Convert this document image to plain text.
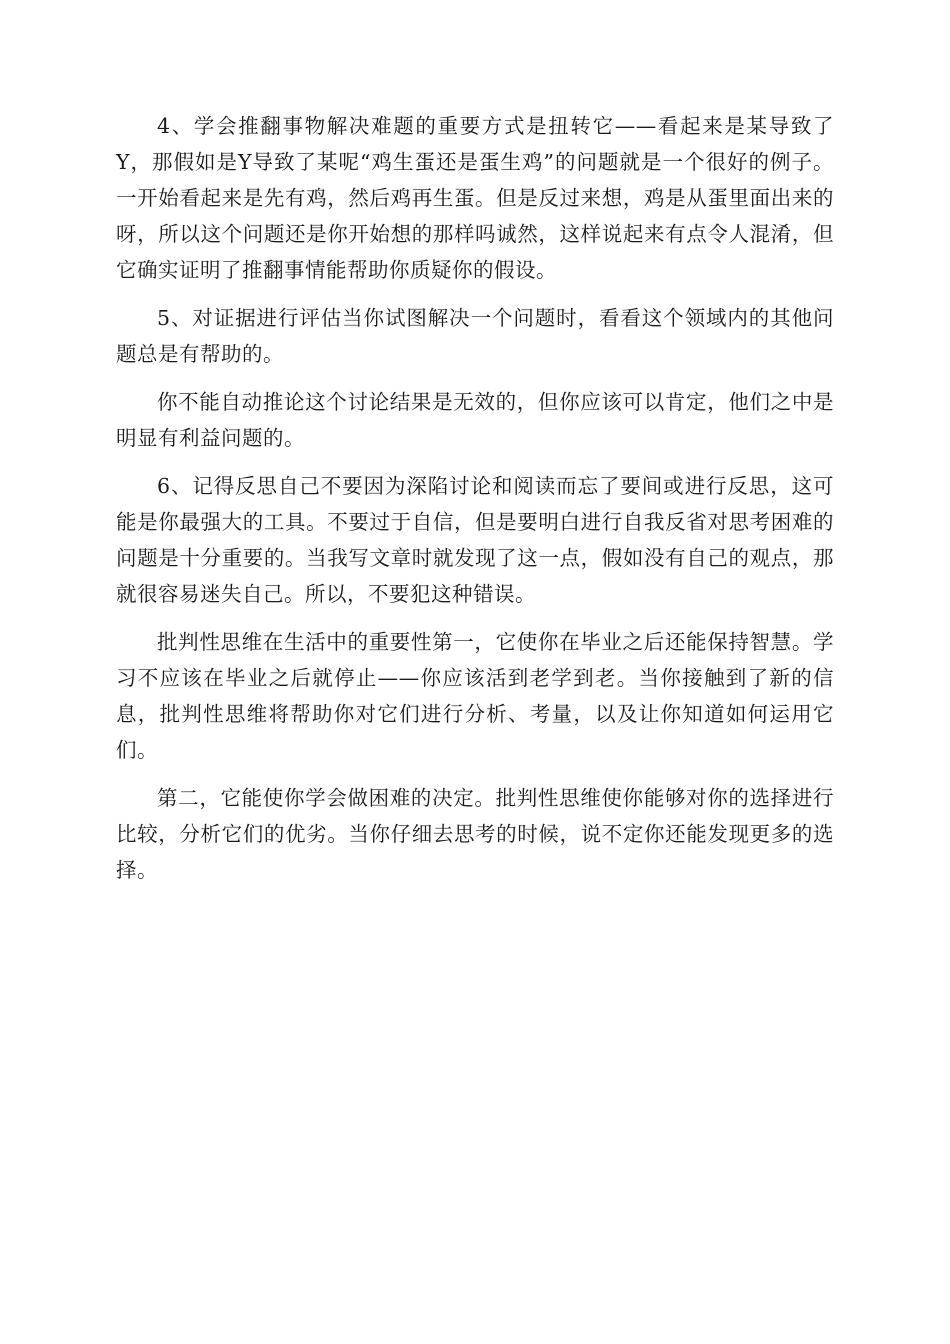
4、学会推翻事物解决难题的重要方式是扭转它——看起来是某导致了Y，那假如是Y导致了某呢“鸡生蛋还是蛋生鸡”的问题就是一个很好的例子。一开始看起来是先有鸡，然后鸡再生蛋。但是反过来想，鸡是从蛋里面出来的呀，所以这个问题还是你开始想的那样吗诚然，这样说起来有点令人混淆，但它确实证明了推翻事情能帮助你质疑你的假设。

5、对证据进行评估当你试图解决一个问题时，看看这个领域内的其他问题总是有帮助的。

你不能自动推论这个讨论结果是无效的，但你应该可以肯定，他们之中是明显有利益问题的。

6、记得反思自己不要因为深陷讨论和阅读而忘了要间或进行反思，这可能是你最强大的工具。不要过于自信，但是要明白进行自我反省对思考困难的问题是十分重要的。当我写文章时就发现了这一点，假如没有自己的观点，那就很容易迷失自己。所以，不要犯这种错误。

批判性思维在生活中的重要性第一，它使你在毕业之后还能保持智慧。学习不应该在毕业之后就停止——你应该活到老学到老。当你接触到了新的信息，批判性思维将帮助你对它们进行分析、考量，以及让你知道如何运用它们。

第二，它能使你学会做困难的决定。批判性思维使你能够对你的选择进行比较，分析它们的优劣。当你仔细去思考的时候，说不定你还能发现更多的选择。
